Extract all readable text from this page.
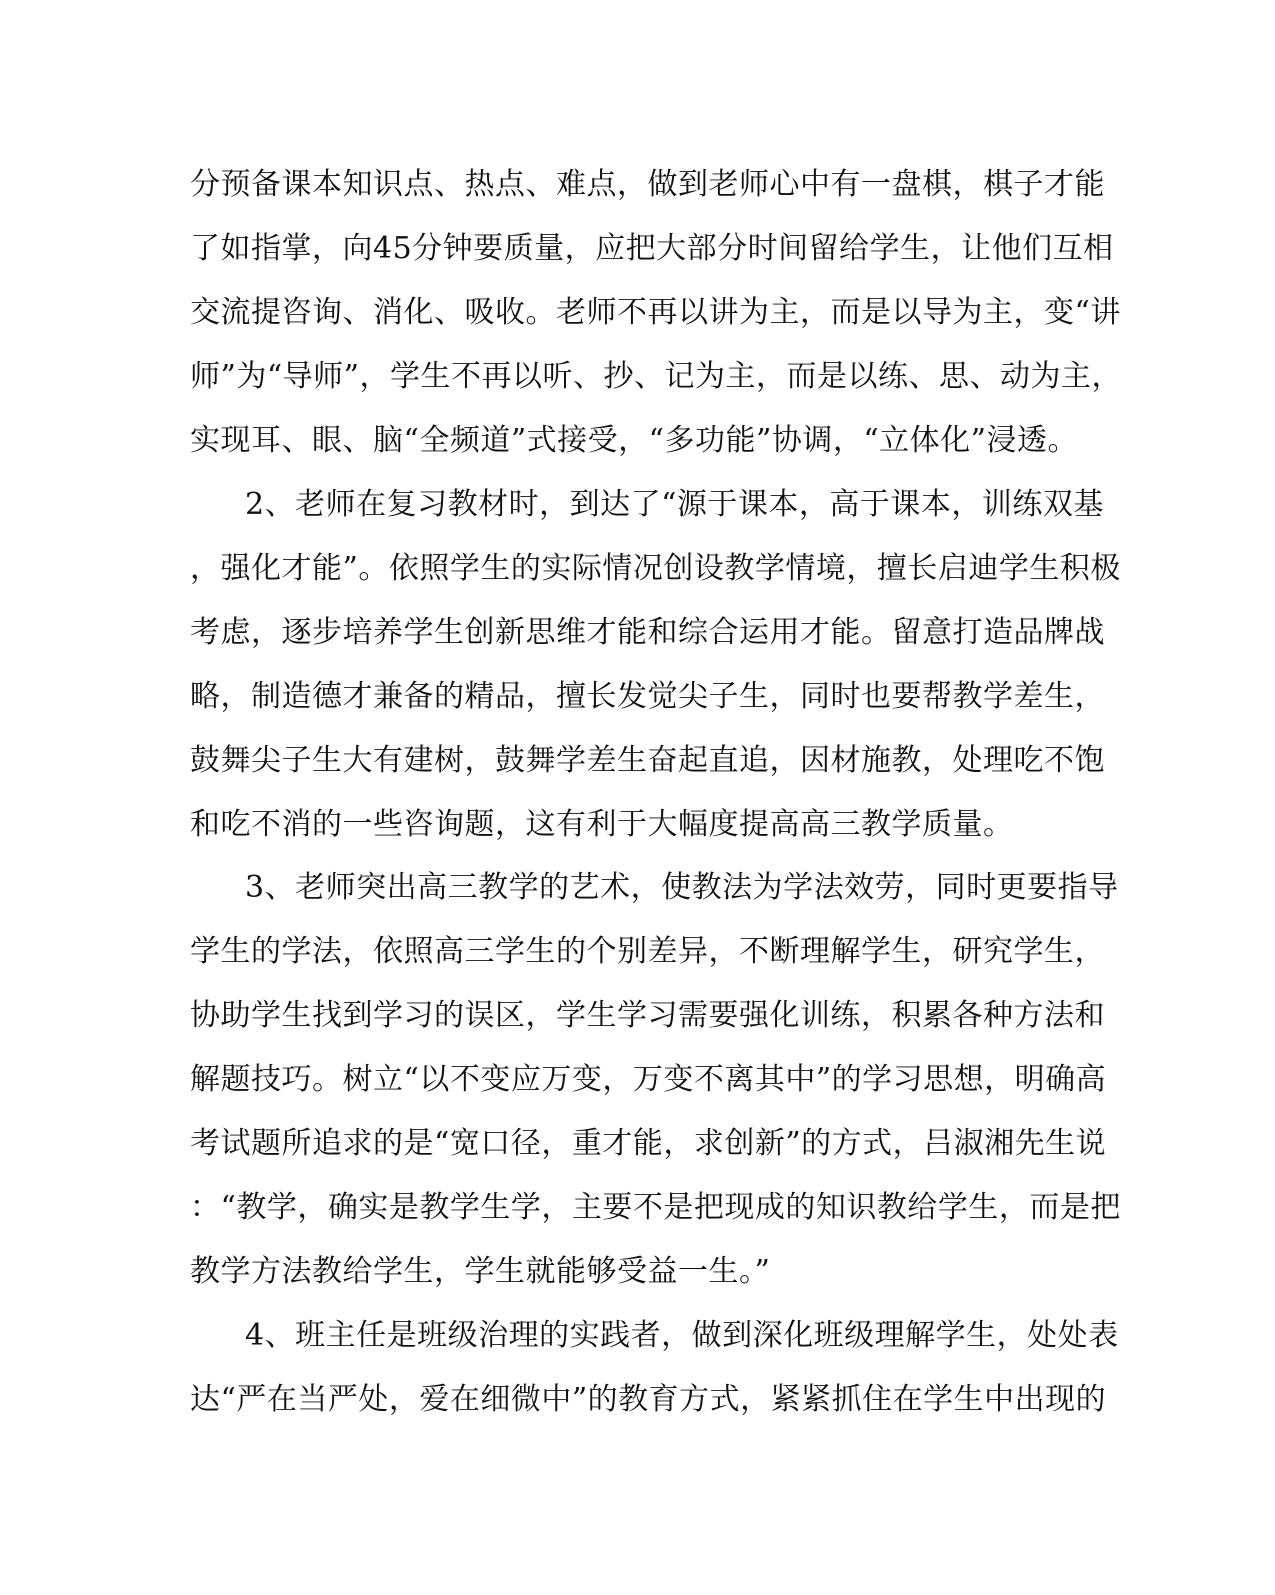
分预备课本知识点、热点、难点，做到老师心中有一盘棋，棋子才能
了如指掌，向45分钟要质量，应把大部分时间留给学生，让他们互相
交流提咨询、消化、吸收。老师不再以讲为主，而是以导为主，变“讲
师”为“导师”，学生不再以听、抄、记为主，而是以练、思、动为主，
实现耳、眼、脑“全频道”式接受，“多功能”协调，“立体化”浸透。
2、老师在复习教材时，到达了“源于课本，高于课本，训练双基
，强化才能”。依照学生的实际情况创设教学情境，擅长启迪学生积极
考虑，逐步培养学生创新思维才能和综合运用才能。留意打造品牌战
略，制造德才兼备的精品，擅长发觉尖子生，同时也要帮教学差生，
鼓舞尖子生大有建树，鼓舞学差生奋起直追，因材施教，处理吃不饱
和吃不消的一些咨询题，这有利于大幅度提高高三教学质量。
3、老师突出高三教学的艺术，使教法为学法效劳，同时更要指导
学生的学法，依照高三学生的个别差异，不断理解学生，研究学生，
协助学生找到学习的误区，学生学习需要强化训练，积累各种方法和
解题技巧。树立“以不变应万变，万变不离其中”的学习思想，明确高
考试题所追求的是“宽口径，重才能，求创新”的方式，吕淑湘先生说
：“教学，确实是教学生学，主要不是把现成的知识教给学生，而是把
教学方法教给学生，学生就能够受益一生。”
4、班主任是班级治理的实践者，做到深化班级理解学生，处处表
达“严在当严处，爱在细微中”的教育方式，紧紧抓住在学生中出现的
